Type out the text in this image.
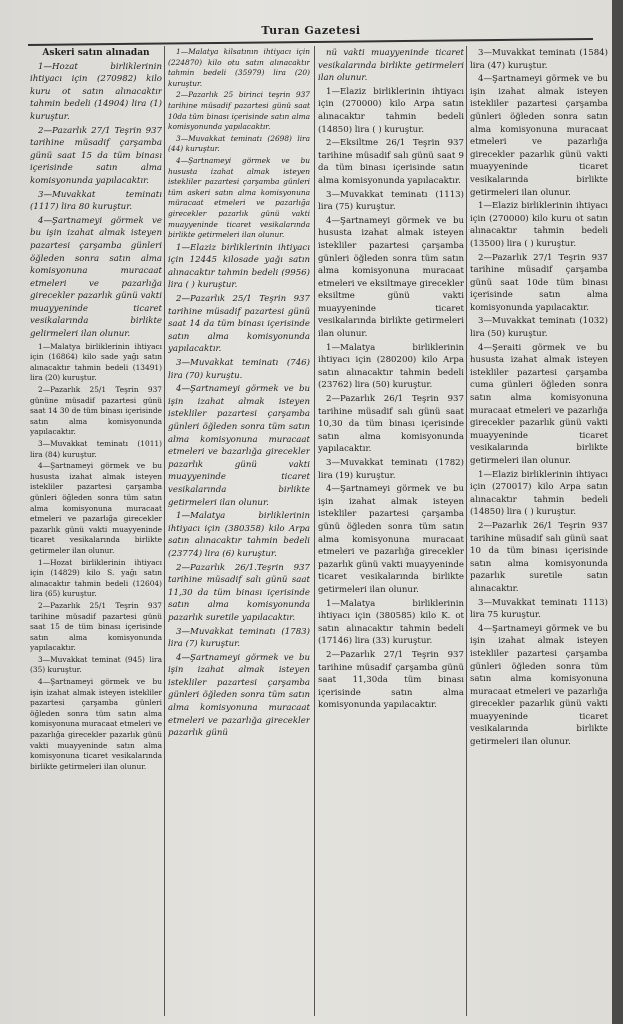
Turan Gazetesi

Askeri satın alınadan

1—Hozat birliklerinin ihtiyacı için (270982) kilo kuru ot satın alınacaktır tahmin bedeli (14904) lira (1) kuruştur.

2—Pazarlık 27/1 Teşrin 937 tarihine müsadif çarşamba günü saat 15 da tüm binası içerisinde satın alma komisyonunda yapılacaktır.

3—Muvakkat teminatı (1117) lira 80 kuruştur.

4—Şartnameyi görmek ve bu işin izahat almak isteyen pazartesi çarşamba günleri öğleden sonra satın alma komisyonuna muracaat etmeleri ve pazarlığa girecekler pazarlık günü vakti muayyeninde ticaret vesikalarında birlikte gelirmeleri ilan olunur.

1—Malatya birliklerinin ihtiyacı için (16864) kilo sade yağı satın alınacaktır tahmin bedeli (13491) lira (20) kuruştur.

2—Pazarlık 25/1 Teşrin 937 gününe müsadif pazartesi günü saat 14 30 de tüm binası içerisinde satın alma komisyonunda yapılacaktır.

3—Muvakkat teminatı (1011) lira (84) kuruştur.

4—Şartnameyi görmek ve bu hususta izahat almak isteyen istekliler pazartesi çarşamba günleri öğleden sonra tüm satın alma komisyonuna muracaat etmeleri ve pazarlığa girecekler pazarlık günü vakti muayyeninde ticaret vesikalarında birlikte getirmeler ilan olunur.

1—Hozat birliklerinin ihtiyacı için (14829) kilo S. yağı satın alınacaktır tahmin bedeli (12604) lira (65) kuruştur.

2—Pazarlık 25/1 Teşrin 937 tarihine müsadif pazartesi günü saat 15 de tüm binası içerisinde satın alma komisyonunda yapılacaktır.

3—Muvakkat teminat (945) lira (35) kuruştur.

4—Şartnameyi görmek ve bu işin izahat almak isteyen istekliler pazartesi çarşamba günleri öğleden sonra tüm satın alma komisyonuna muracaat etmeleri ve pazarlığa girecekler pazarlık günü vakti muayyeninde satın alma komisyonuna ticaret vesikalarında birlikte getirmeleri ilan olunur.

1—Malatya kilsatının ihtiyacı için (224870) kilo otu satın alınacaktır tahmin bedeli (35979) lira (20) kuruştur.

2—Pazarlık 25 birinci teşrin 937 tarihine müsadif pazartesi günü saat 10da tüm binası içerisinde satın alma komisyonunda yapılacaktır.

3—Muvakkat teminatı (2698) lira (44) kuruştur.

4—Şartnameyi görmek ve bu hususta izahat almak isteyen istekliler pazartesi çarşamba günleri tüm askeri satın alma komisyonuna müracaat etmeleri ve pazarlığa girecekler pazarlık günü vakti muayyeninde ticaret vesikalarında birlikte getirmeleri ilan olunur.

1—Elaziz birliklerinin ihtiyacı için 12445 kilosade yağı satın alınacaktır tahmin bedeli (9956) lira ( ) kuruştur.

2—Pazarlık 25/1 Teşrin 937 tarihine müsadif pazartesi günü saat 14 da tüm binası içerisinde satın alma komisyonunda yapılacaktır.

3—Muvakkat teminatı (746) lira (70) kuruştu.

4—Şartnameyi görmek ve bu işin izahat almak isteyen istekliler pazartesi çarşamba günleri öğleden sonra tüm satın alma komisyonuna muracaat etmeleri ve bazarlığa girecekler pazarlık günü vakti muayyeninde ticaret vesikalarında birlikte getirmeleri ilan olunur.

1—Malatya birliklerinin ihtiyacı için (380358) kilo Arpa satın alınacaktır tahmin bedeli (23774) lira (6) kuruştur.

2—Pazarlık 26/1.Teşrin 937 tarihine müsadif salı günü saat 11,30 da tüm binası içerisinde satın alma komisyonunda pazarlık suretile yapılacaktır.

3—Muvakkat teminatı (1783) lira (7) kuruştur.

4—Şartnameyi görmek ve bu işin izahat almak isteyen istekliler pazartesi çarşamba günleri öğleden sonra tüm satın alma komisyonuna muracaat etmeleri ve pazarlığa girecekler pazarlık günü

nü vakti muayyeninde ticaret vesikalarında birlikte getirmeleri ilan olunur.

1—Elaziz birliklerinin ihtiyacı için (270000) kilo Arpa satın alınacaktır tahmin bedeli (14850) lira ( ) kuruştur.

2—Eksiltme 26/1 Teşrin 937 tarihine müsadif salı günü saat 9 da tüm binası içerisinde satın alma komisyonunda yapılacaktır.

3—Muvakkat teminatı (1113) lira (75) kuruştur.

4—Şartnameyi görmek ve bu hususta izahat almak isteyen istekliler pazartesi çarşamba günleri öğleden sonra tüm satın alma komisyonuna muracaat etmeleri ve eksiltmaye girecekler eksiltme günü vakti muayyeninde ticaret vesikalarında birlikte getirmeleri ilan olunur.

1—Malatya birliklerinin ihtiyacı için (280200) kilo Arpa satın alınacaktır tahmin bedeli (23762) lira (50) kuruştur.

2—Pazarlık 26/1 Teşrin 937 tarihine müsadif salı günü saat 10,30 da tüm binası içerisinde satın alma komisyonunda yapılacaktır.

3—Muvakkat teminatı (1782) lira (19) kuruştur.

4—Şartnameyi görmek ve bu işin izahat almak isteyen istekliler pazartesi çarşamba günü öğleden sonra tüm satın alma komisyonuna muracaat etmeleri ve pazarlığa girecekler pazarlık günü vakti muayyeninde ticaret vesikalarında birlikte getirmeleri ilan olunur.

1—Malatya birliklerinin ihtiyacı için (380585) kilo K. ot satın alınacaktır tahmin bedeli (17146) lira (33) kuruştur.

2—Pazarlık 27/1 Teşrin 937 tarihine müsadif çarşamba günü saat 11,30da tüm binası içerisinde satın alma komisyonunda yapılacaktır.

3—Muvakkat teminatı (1584) lira (47) kuruştur.

4—Şartnameyi görmek ve bu işin izahat almak isteyen istekliler pazartesi çarşamba günleri öğleden sonra satın alma komisyonuna muracaat etmeleri ve pazarlığa girecekler pazarlık günü vakti muayyeninde ticaret vesikalarında birlikte getirmeleri ilan olunur.

1—Elaziz birliklerinin ihtiyacı için (270000) kilo kuru ot satın alınacaktır tahmin bedeli (13500) lira ( ) kuruştur.

2—Pazarlık 27/1 Teşrin 937 tarihine müsadif çarşamba günü saat 10de tüm binası içerisinde satın alma komisyonunda yapılacaktır.

3—Muvakkat teminatı (1032) lira (50) kuruştur.

4—Şeraiti görmek ve bu hususta izahat almak isteyen istekliler pazartesi çarşamba cuma günleri öğleden sonra satın alma komisyonuna muracaat etmeleri ve pazarlığa girecekler pazarlık günü vakti muayyeninde ticaret vesikalarında birlikte getirmeleri ilan olunur.

1—Elaziz birliklerinin ihtiyacı için (270017) kilo Arpa satın alınacaktır tahmin bedeli (14850) lira ( ) kuruştur.

2—Pazarlık 26/1 Teşrin 937 tarihine müsadif salı günü saat 10 da tüm binası içerisinde satın alma komisyonunda pazarlık suretile satın alınacaktır.

3—Muvakkat teminatı 1113) lira 75 kuruştur.

4—Şartnameyi görmek ve bu işin izahat almak isteyen istekliler pazartesi çarşamba günleri öğleden sonra tüm satın alma komisyonuna muracaat etmeleri ve pazarlığa girecekler pazarlık günü vakti muayyeninde ticaret vesikalarında birlikte getirmeleri ilan olunur.
